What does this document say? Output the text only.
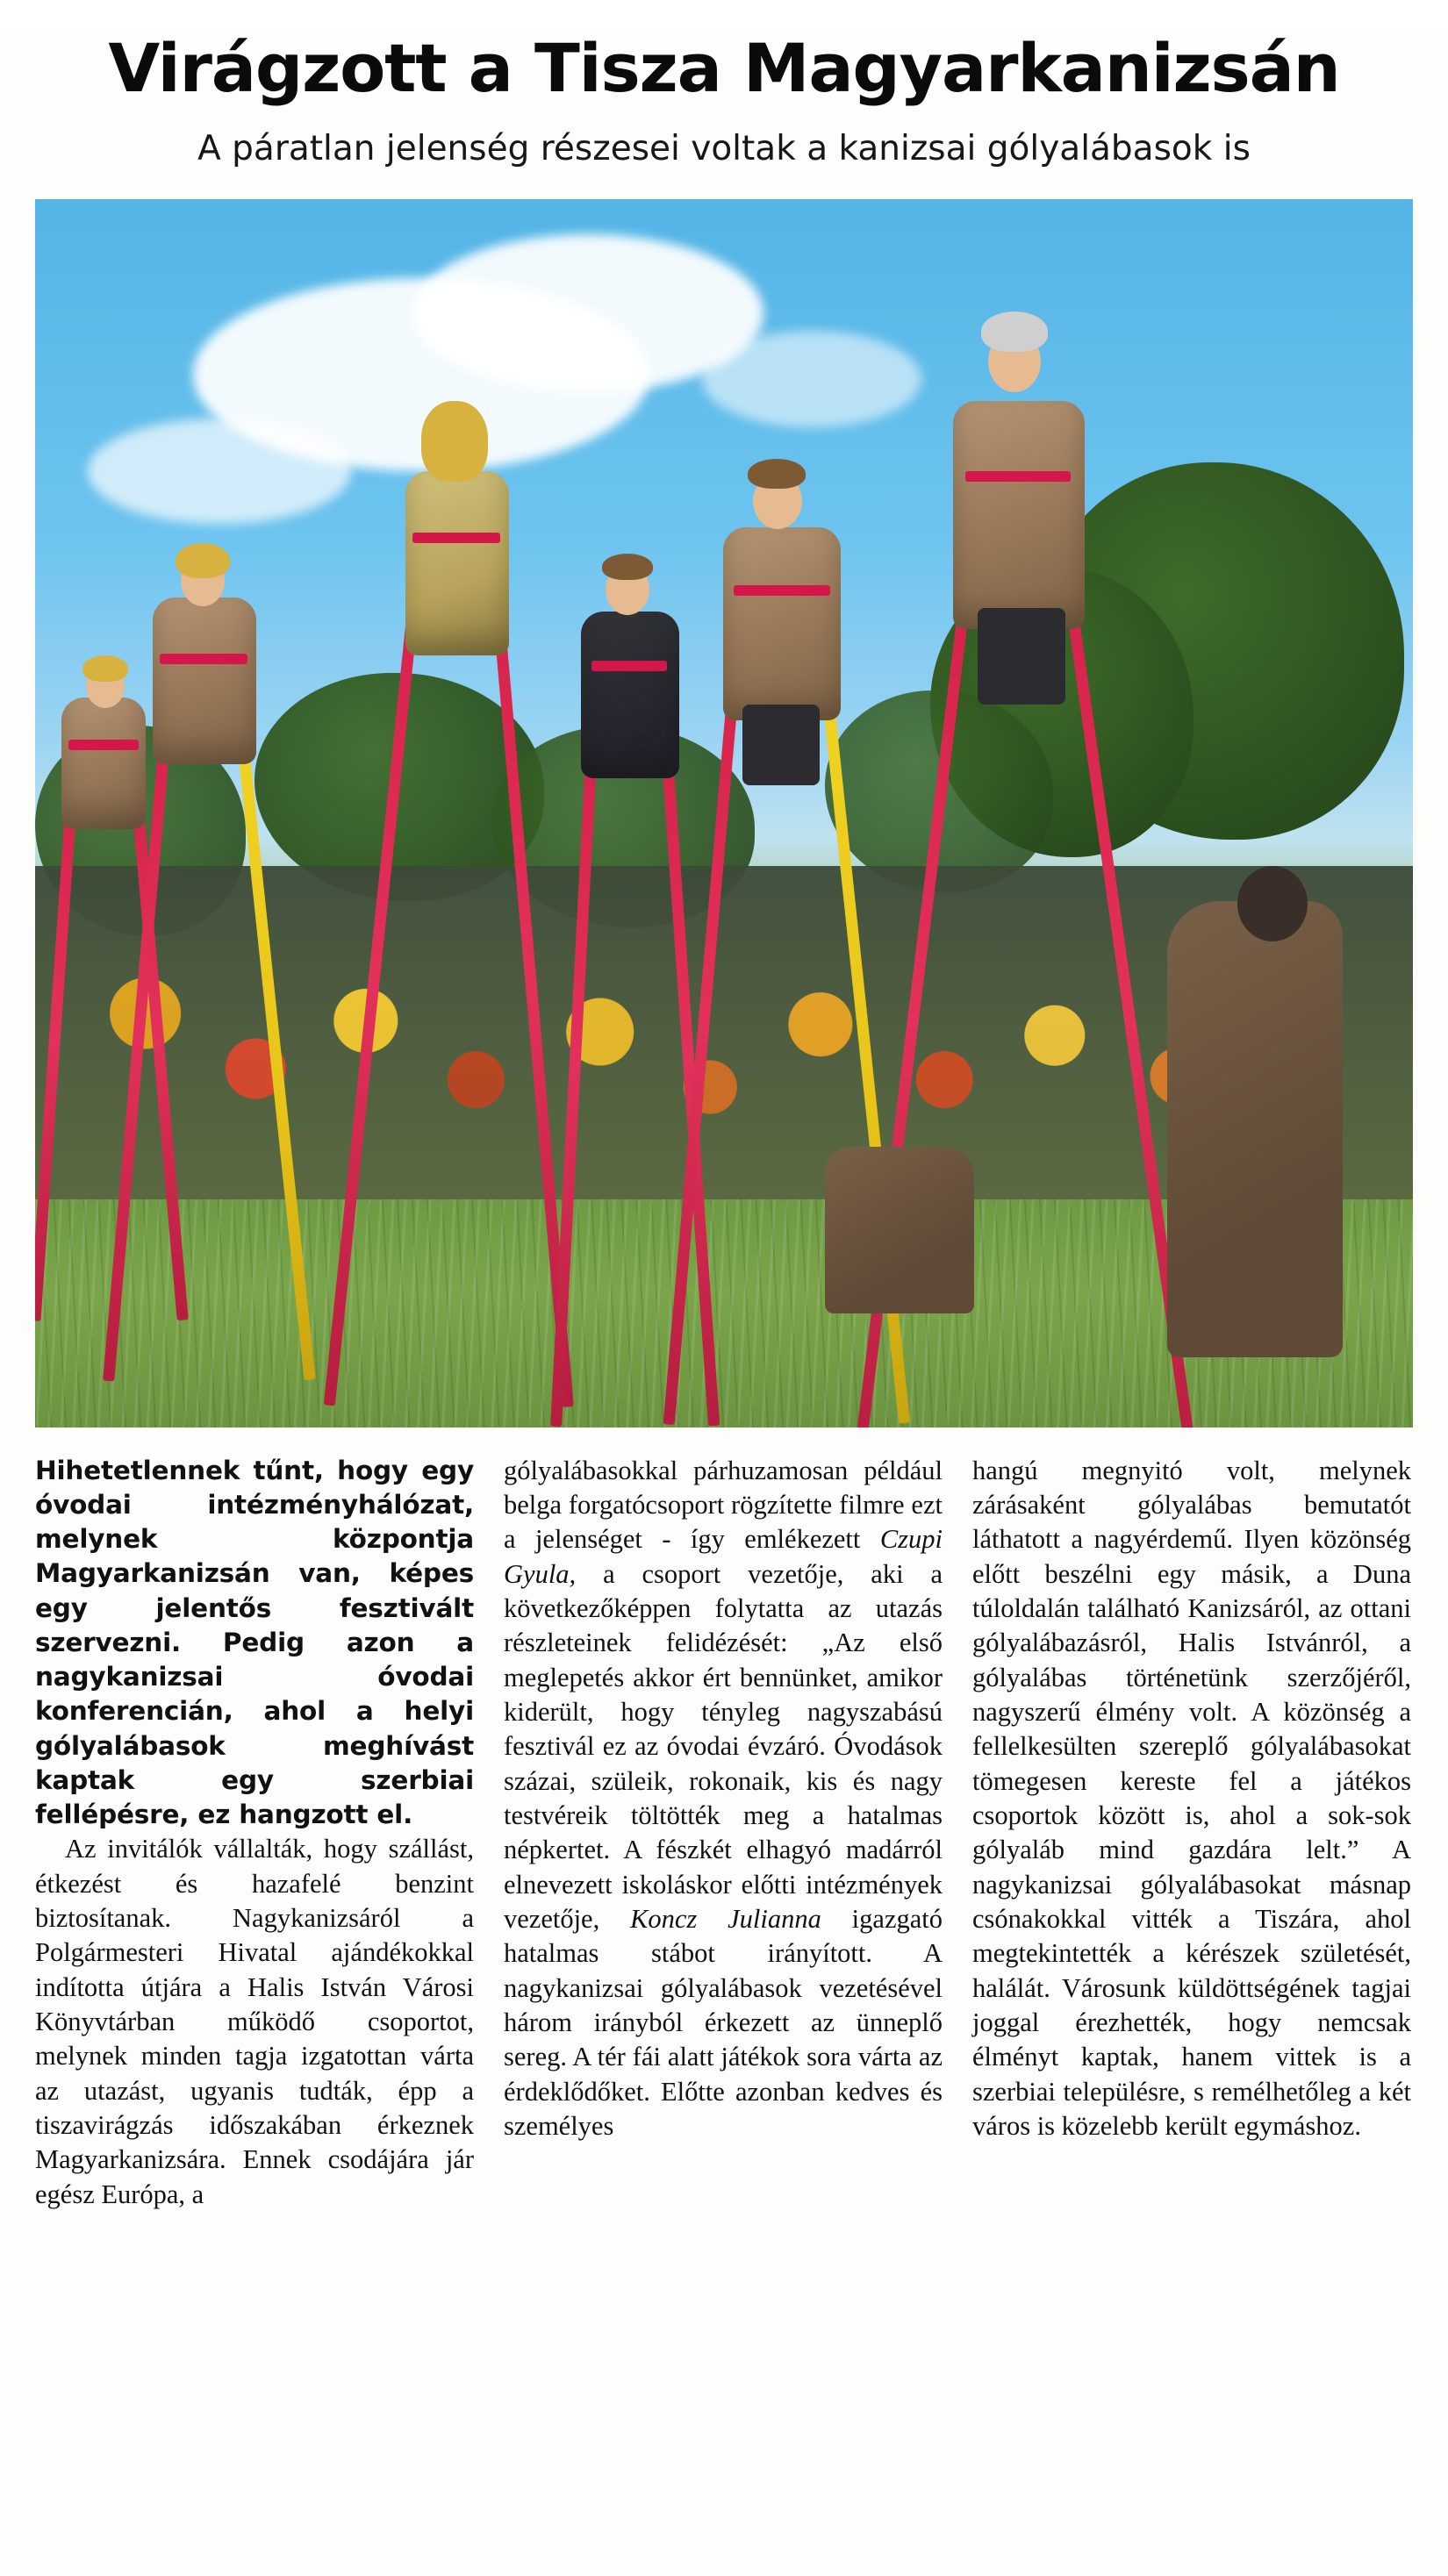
Virágzott a Tisza Magyarkanizsán
A páratlan jelenség részesei voltak a kanizsai gólyalábasok is

Hihetetlennek tűnt, hogy egy óvodai intézményhálózat, melynek központja Magyarkanizsán van, képes egy jelentős fesztivált szervezni. Pedig azon a nagykanizsai óvodai konferencián, ahol a helyi gólyalábasok meghívást kaptak egy szerbiai fellépésre, ez hangzott el.

Az invitálók vállalták, hogy szállást, étkezést és hazafelé benzint biztosítanak. Nagykanizsáról a Polgármesteri Hivatal ajándékokkal indította útjára a Halis István Városi Könyvtárban működő csoportot, melynek minden tagja izgatottan várta az utazást, ugyanis tudták, épp a tiszavirágzás időszakában érkeznek Magyarkanizsára. Ennek csodájára jár egész Európa, a

gólyalábasokkal párhuzamosan például belga forgatócsoport rögzítette filmre ezt a jelenséget - így emlékezett Czupi Gyula, a csoport vezetője, aki a következőképpen folytatta az utazás részleteinek felidézését: „Az első meglepetés akkor ért bennünket, amikor kiderült, hogy tényleg nagyszabású fesztivál ez az óvodai évzáró. Óvodások százai, szüleik, rokonaik, kis és nagy testvéreik töltötték meg a hatalmas népkertet. A fészkét elhagyó madárról elnevezett iskoláskor előtti intézmények vezetője, Koncz Julianna igazgató hatalmas stábot irányított. A nagykanizsai gólyalábasok vezetésével három irányból érkezett az ünneplő sereg. A tér fái alatt játékok sora várta az érdeklődőket. Előtte azonban kedves és személyes

hangú megnyitó volt, melynek zárásaként gólyalábas bemutatót láthatott a nagyérdemű. Ilyen közönség előtt beszélni egy másik, a Duna túloldalán található Kanizsáról, az ottani gólyalábazásról, Halis Istvánról, a gólyalábas történetünk szerzőjéről, nagyszerű élmény volt. A közönség a fellelkesülten szereplő gólyalábasokat tömegesen kereste fel a játékos csoportok között is, ahol a sok-sok gólyaláb mind gazdára lelt.” A nagykanizsai gólyalábasokat másnap csónakokkal vitték a Tiszára, ahol megtekintették a kérészek születését, halálát. Városunk küldöttségének tagjai joggal érezhették, hogy nemcsak élményt kaptak, hanem vittek is a szerbiai településre, s remélhetőleg a két város is közelebb került egymáshoz.
